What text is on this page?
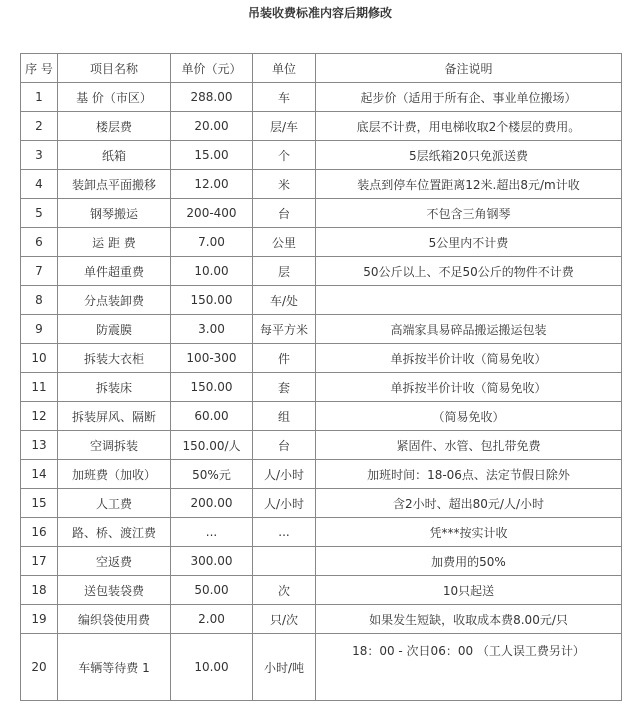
吊装收费标准内容后期修改
序 号	项目名称	单价（元）	单位	备注说明
1	基 价（市区）	288.00	车	起步价（适用于所有企、事业单位搬场）
2	楼层费	20.00	层/车	底层不计费，用电梯收取2个楼层的费用。
3	纸箱	15.00	个	5层纸箱20只免派送费
4	装卸点平面搬移	12.00	米	装点到停车位置距离12米.超出8元/m计收
5	钢琴搬运	200-400	台	不包含三角钢琴
6	运 距 费	7.00	公里	5公里内不计费
7	单件超重费	10.00	层	50公斤以上、不足50公斤的物件不计费
8	分点装卸费	150.00	车/处	
9	防震膜	3.00	每平方米	高端家具易碎品搬运搬运包装
10	拆装大衣柜	100-300	件	单拆按半价计收（简易免收）
11	拆装床	150.00	套	单拆按半价计收（简易免收）
12	拆装屏风、隔断	60.00	组	（简易免收）
13	空调拆装	150.00/人	台	紧固件、水管、包扎带免费
14	加班费（加收）	50%元	人/小时	加班时间：18-06点、法定节假日除外
15	人工费	200.00	人/小时	含2小时、超出80元/人/小时
16	路、桥、渡江费	...	...	凭***按实计收
17	空返费	300.00		加费用的50%
18	送包装袋费	50.00	次	10只起送
19	编织袋使用费	2.00	只/次	如果发生短缺，收取成本费8.00元/只
20	车辆等待费 1	10.00	小时/吨	18：00 - 次日06：00 （工人误工费另计）
